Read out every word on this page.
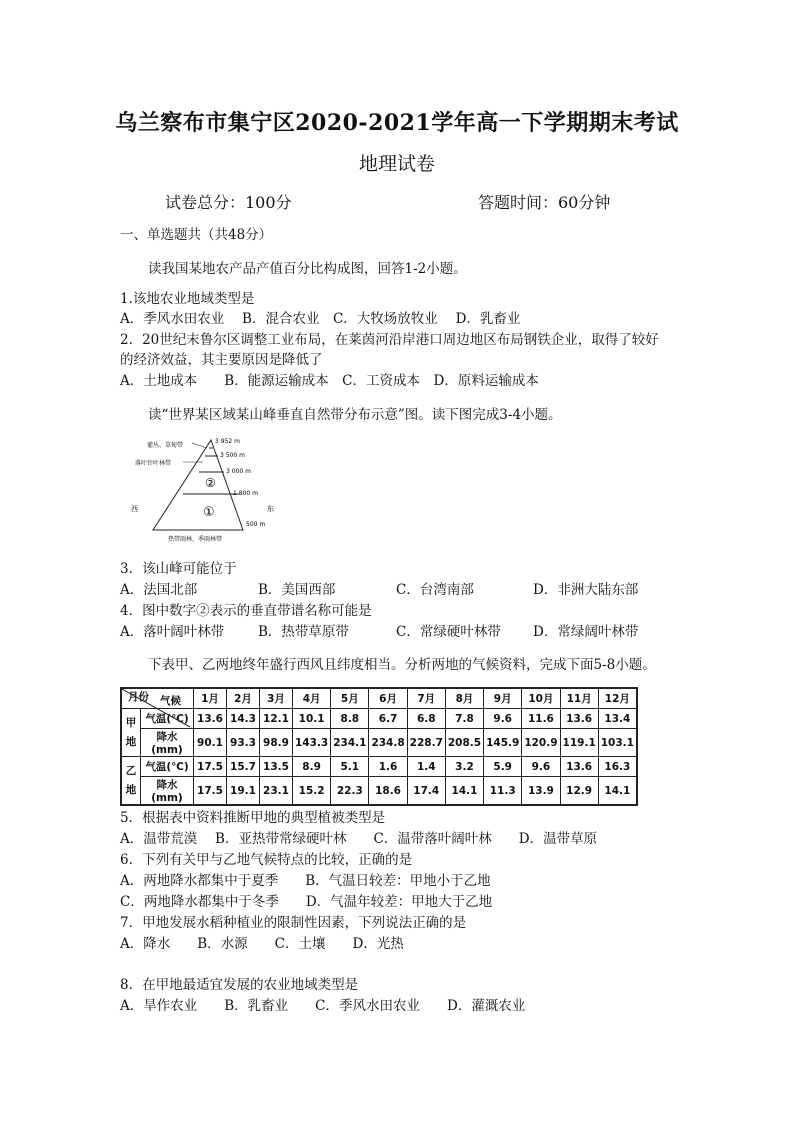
乌兰察布市集宁区2020-2021学年高一下学期期末考试
地理试卷
试卷总分：100分	答题时间：60分钟
一、单选题共（共48分）
读我国某地农产品产值百分比构成图，回答1-2小题。
1.该地农业地域类型是
A．季风水田农业　 B．混合农业　C．大牧场放牧业　 D．乳畜业
2．20世纪末鲁尔区调整工业布局，在莱茵河沿岸港口周边地区布局钢铁企业，取得了较好
的经济效益，其主要原因是降低了
A．土地成本　　B．能源运输成本　C．工资成本　D．原料运输成本
读“世界某区域某山峰垂直自然带分布示意”图。读下图完成3-4小题。
3 952 m
3 500 m
3 000 m
1 800 m
500 m
灌丛、草甸带
落叶针叶林带
热带雨林、季雨林带
②
①
西	东
3．该山峰可能位于
A．法国北部	B．美国西部	C．台湾南部	D．非洲大陆东部
4．图中数字②表示的垂直带谱名称可能是
A．落叶阔叶林带	B．热带草原带	C．常绿硬叶林带 D．常绿阔叶林带
下表甲、乙两地终年盛行西风且纬度相当。分析两地的气候资料，完成下面5-8小题。
气候
月份		1月	2月	3月	4月	5月	6月	7月	8月	9月	10月	11月	12月
甲
地	气温(℃)	13.6	14.3	12.1	10.1	8.8	6.7	6.8	7.8	9.6	11.6	13.6	13.4
	降水(mm)	90.1	93.3	98.9	143.3	234.1	234.8	228.7	208.5	145.9	120.9	119.1	103.1
乙
地	气温(℃)	17.5	15.7	13.5	8.9	5.1	1.6	1.4	3.2	5.9	9.6	13.6	16.3
	降水(mm)	17.5	19.1	23.1	15.2	22.3	18.6	17.4	14.1	11.3	13.9	12.9	14.1
5．根据表中资料推断甲地的典型植被类型是
A．温带荒漠　 B．亚热带常绿硬叶林　　C．温带落叶阔叶林　　D．温带草原
6．下列有关甲与乙地气候特点的比较，正确的是
A．两地降水都集中于夏季　　B．气温日较差：甲地小于乙地
C．两地降水都集中于冬季　　D．气温年较差：甲地大于乙地
7．甲地发展水稻种植业的限制性因素，下列说法正确的是
A．降水　　B．水源　　C．土壤　　D．光热
8．在甲地最适宜发展的农业地域类型是
A．旱作农业　　B．乳畜业　　C．季风水田农业　　D．灌溉农业
